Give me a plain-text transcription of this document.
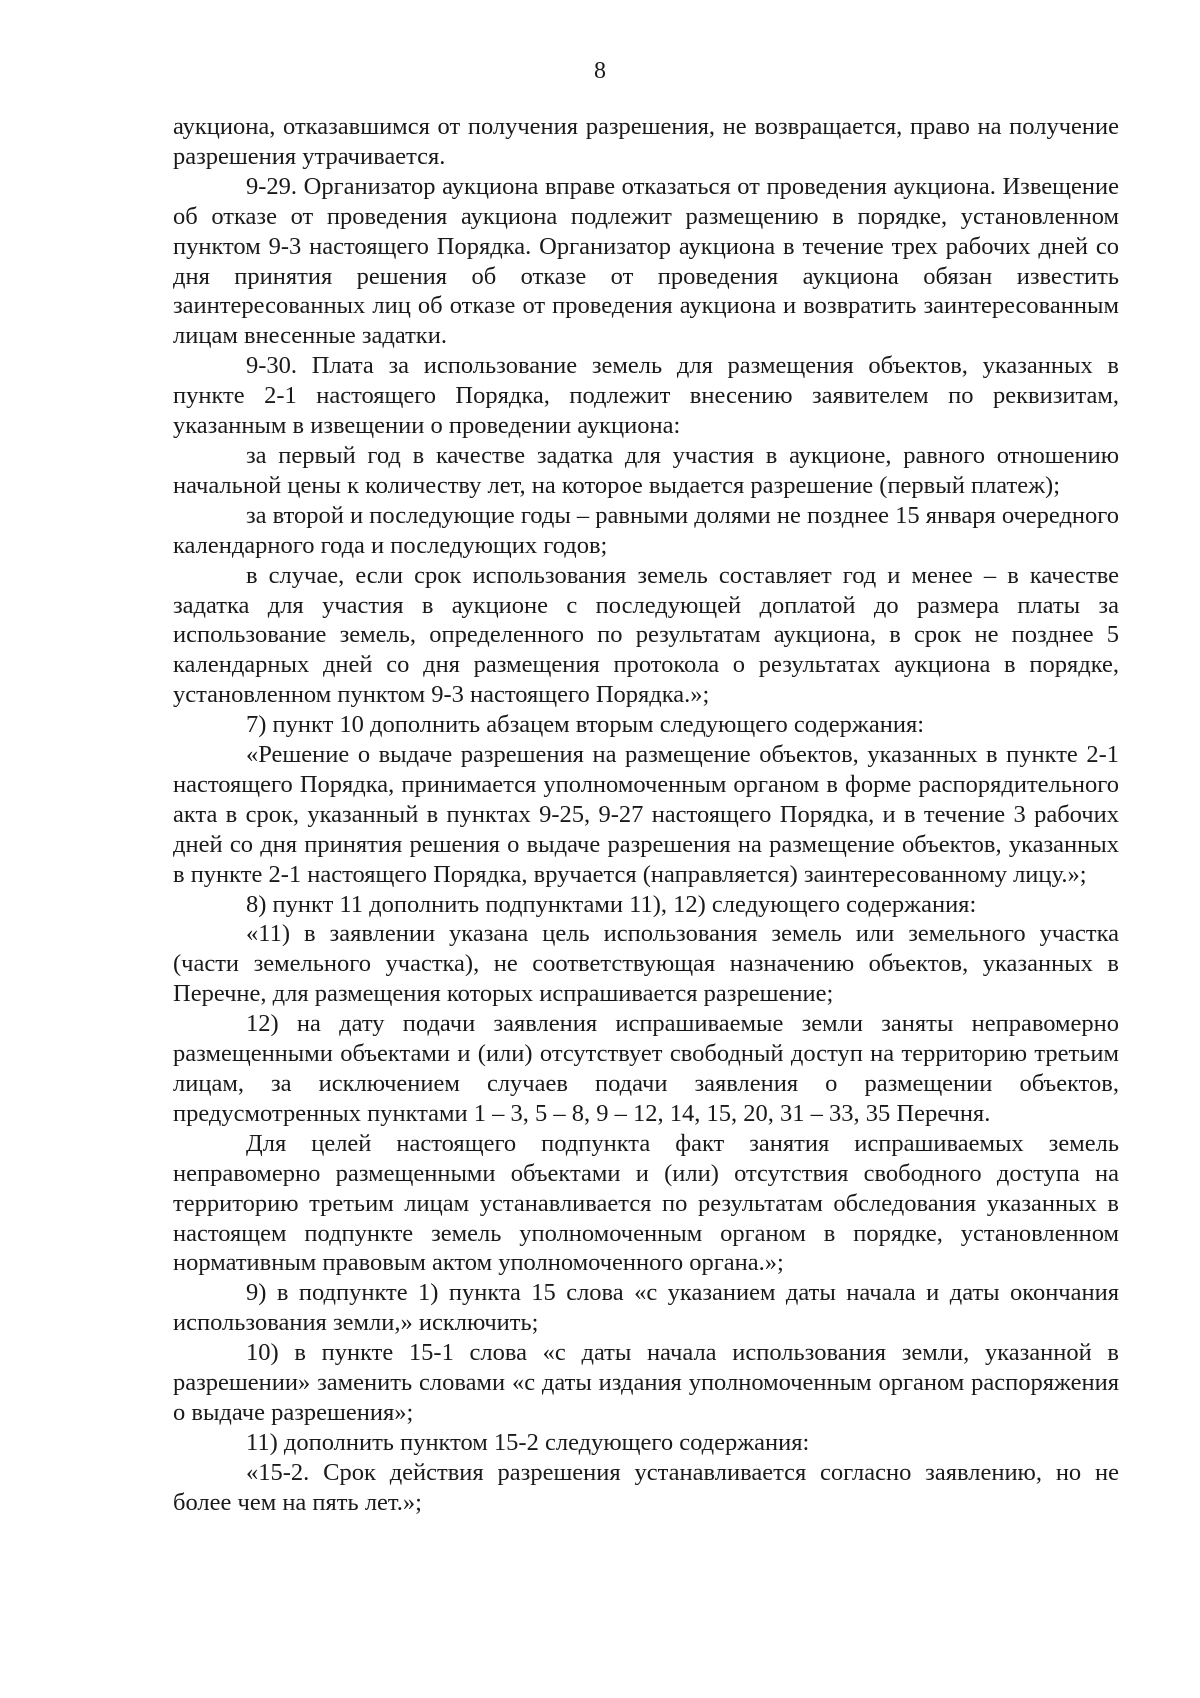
8

аукциона, отказавшимся от получения разрешения, не возвращается, право на получение разрешения утрачивается.

9-29. Организатор аукциона вправе отказаться от проведения аукциона. Извещение об отказе от проведения аукциона подлежит размещению в порядке, установленном пунктом 9-3 настоящего Порядка. Организатор аукциона в течение трех рабочих дней со дня принятия решения об отказе от проведения аукциона обязан известить заинтересованных лиц об отказе от проведения аукциона и возвратить заинтересованным лицам внесенные задатки.

9-30. Плата за использование земель для размещения объектов, указанных в пункте 2-1 настоящего Порядка, подлежит внесению заявителем по реквизитам, указанным в извещении о проведении аукциона:

за первый год в качестве задатка для участия в аукционе, равного отношению начальной цены к количеству лет, на которое выдается разрешение (первый платеж);

за второй и последующие годы – равными долями не позднее 15 января очередного календарного года и последующих годов;

в случае, если срок использования земель составляет год и менее – в качестве задатка для участия в аукционе с последующей доплатой до размера платы за использование земель, определенного по результатам аукциона, в срок не позднее 5 календарных дней со дня размещения протокола о результатах аукциона в порядке, установленном пунктом 9-3 настоящего Порядка.»;

7) пункт 10 дополнить абзацем вторым следующего содержания:

«Решение о выдаче разрешения на размещение объектов, указанных в пункте 2-1 настоящего Порядка, принимается уполномоченным органом в форме распорядительного акта в срок, указанный в пунктах 9-25, 9-27 настоящего Порядка, и в течение 3 рабочих дней со дня принятия решения о выдаче разрешения на размещение объектов, указанных в пункте 2-1 настоящего Порядка, вручается (направляется) заинтересованному лицу.»;

8) пункт 11 дополнить подпунктами 11), 12) следующего содержания:

«11) в заявлении указана цель использования земель или земельного участка (части земельного участка), не соответствующая назначению объектов, указанных в Перечне, для размещения которых испрашивается разрешение;

12) на дату подачи заявления испрашиваемые земли заняты неправомерно размещенными объектами и (или) отсутствует свободный доступ на территорию третьим лицам, за исключением случаев подачи заявления о размещении объектов, предусмотренных пунктами 1 – 3, 5 – 8, 9 – 12, 14, 15, 20, 31 – 33, 35 Перечня.

Для целей настоящего подпункта факт занятия испрашиваемых земель неправомерно размещенными объектами и (или) отсутствия свободного доступа на территорию третьим лицам устанавливается по результатам обследования указанных в настоящем подпункте земель уполномоченным органом в порядке, установленном нормативным правовым актом уполномоченного органа.»;

9) в подпункте 1) пункта 15 слова «с указанием даты начала и даты окончания использования земли,» исключить;

10) в пункте 15-1 слова «с даты начала использования земли, указанной в разрешении» заменить словами «с даты издания уполномоченным органом распоряжения о выдаче разрешения»;

11) дополнить пунктом 15-2 следующего содержания:

«15-2. Срок действия разрешения устанавливается согласно заявлению, но не более чем на пять лет.»;
